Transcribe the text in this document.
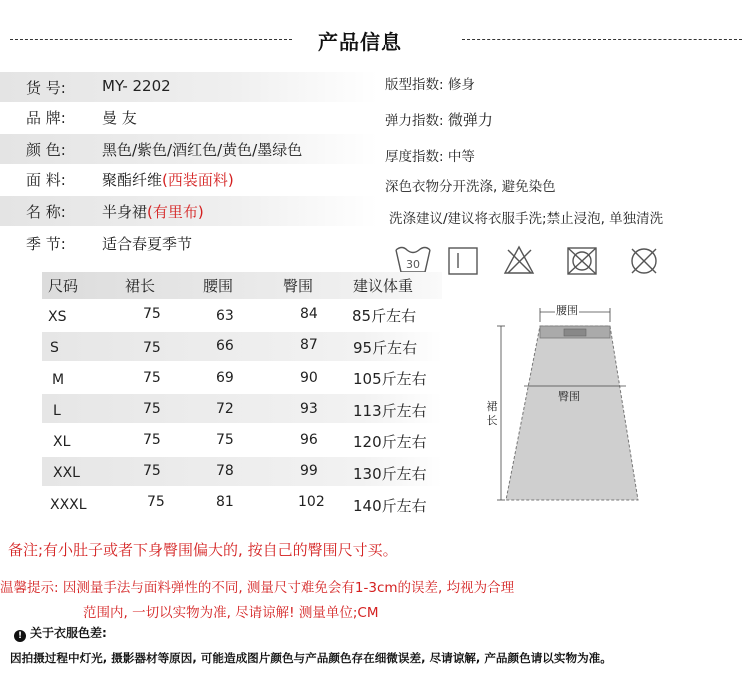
产品信息
货 号: MY- 2202
品 牌: 曼 友
颜 色: 黑色/紫色/酒红色/黄色/墨绿色
面 料: 聚酯纤维(西装面料)
名 称: 半身裙(有里布)
季 节: 适合春夏季节
版型指数: 修身
弹力指数: 微弹力
厚度指数: 中等
深色衣物分开洗涤, 避免染色
洗涤建议/建议将衣服手洗;禁止浸泡, 单独清洗
30
尺码	裙长	腰围	臀围	建议体重
XS	75	63	84 85斤左右
S	75	66	87 95斤左右
M	75	69	90 105斤左右
L	75	72	93 113斤左右
XL	75	75	96 120斤左右
XXL	75	78	99 130斤左右
XXXL	75	81	102 140斤左右
腰围
臀围
裙长
备注;有小肚子或者下身臀围偏大的, 按自己的臀围尺寸买。
温馨提示: 因测量手法与面料弹性的不同, 测量尺寸难免会有1-3cm的误差, 均视为合理
范围内, 一切以实物为准, 尽请谅解! 测量单位;CM
! 关于衣服色差:
因拍摄过程中灯光, 摄影器材等原因, 可能造成图片颜色与产品颜色存在细微误差, 尽请谅解, 产品颜色请以实物为准。
